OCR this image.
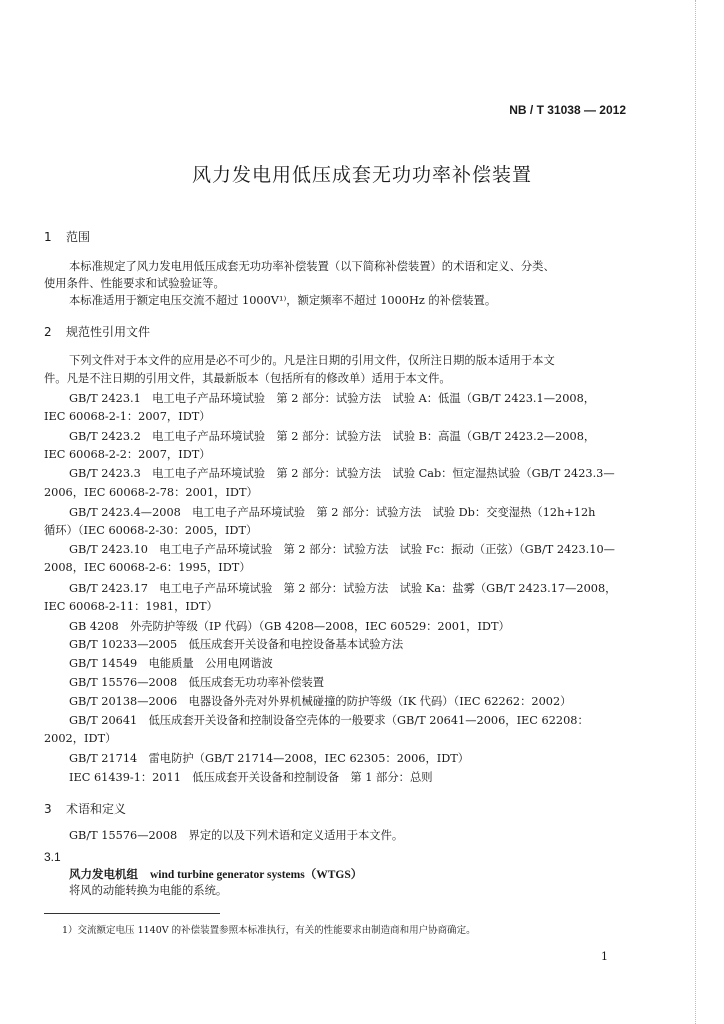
NB / T 31038 — 2012
风力发电用低压成套无功功率补偿装置
1 范围
本标准规定了风力发电用低压成套无功功率补偿装置（以下简称补偿装置）的术语和定义、分类、
使用条件、性能要求和试验验证等。
本标准适用于额定电压交流不超过 1000V¹⁾，额定频率不超过 1000Hz 的补偿装置。
2 规范性引用文件
下列文件对于本文件的应用是必不可少的。凡是注日期的引用文件，仅所注日期的版本适用于本文
件。凡是不注日期的引用文件，其最新版本（包括所有的修改单）适用于本文件。
GB/T 2423.1　电工电子产品环境试验　第 2 部分：试验方法　试验 A：低温（GB/T 2423.1—2008，
IEC 60068-2-1：2007，IDT）
GB/T 2423.2　电工电子产品环境试验　第 2 部分：试验方法　试验 B：高温（GB/T 2423.2—2008，
IEC 60068-2-2：2007，IDT）
GB/T 2423.3　电工电子产品环境试验　第 2 部分：试验方法　试验 Cab：恒定湿热试验（GB/T 2423.3—
2006，IEC 60068-2-78：2001，IDT）
GB/T 2423.4—2008　电工电子产品环境试验　第 2 部分：试验方法　试验 Db：交变湿热（12h+12h
循环）（IEC 60068-2-30：2005，IDT）
GB/T 2423.10　电工电子产品环境试验　第 2 部分：试验方法　试验 Fc：振动（正弦）（GB/T 2423.10—
2008，IEC 60068-2-6：1995，IDT）
GB/T 2423.17　电工电子产品环境试验　第 2 部分：试验方法　试验 Ka：盐雾（GB/T 2423.17—2008，
IEC 60068-2-11：1981，IDT）
GB 4208　外壳防护等级（IP 代码）（GB 4208—2008，IEC 60529：2001，IDT）
GB/T 10233—2005　低压成套开关设备和电控设备基本试验方法
GB/T 14549　电能质量　公用电网谐波
GB/T 15576—2008　低压成套无功功率补偿装置
GB/T 20138—2006　电器设备外壳对外界机械碰撞的防护等级（IK 代码）（IEC 62262：2002）
GB/T 20641　低压成套开关设备和控制设备空壳体的一般要求（GB/T 20641—2006，IEC 62208：
2002，IDT）
GB/T 21714　雷电防护（GB/T 21714—2008，IEC 62305：2006，IDT）
IEC 61439-1：2011　低压成套开关设备和控制设备　第 1 部分：总则
3 术语和定义
GB/T 15576—2008　界定的以及下列术语和定义适用于本文件。
3.1
风力发电机组 wind turbine generator systems（WTGS）
将风的动能转换为电能的系统。
1）交流额定电压 1140V 的补偿装置参照本标准执行，有关的性能要求由制造商和用户协商确定。
1
